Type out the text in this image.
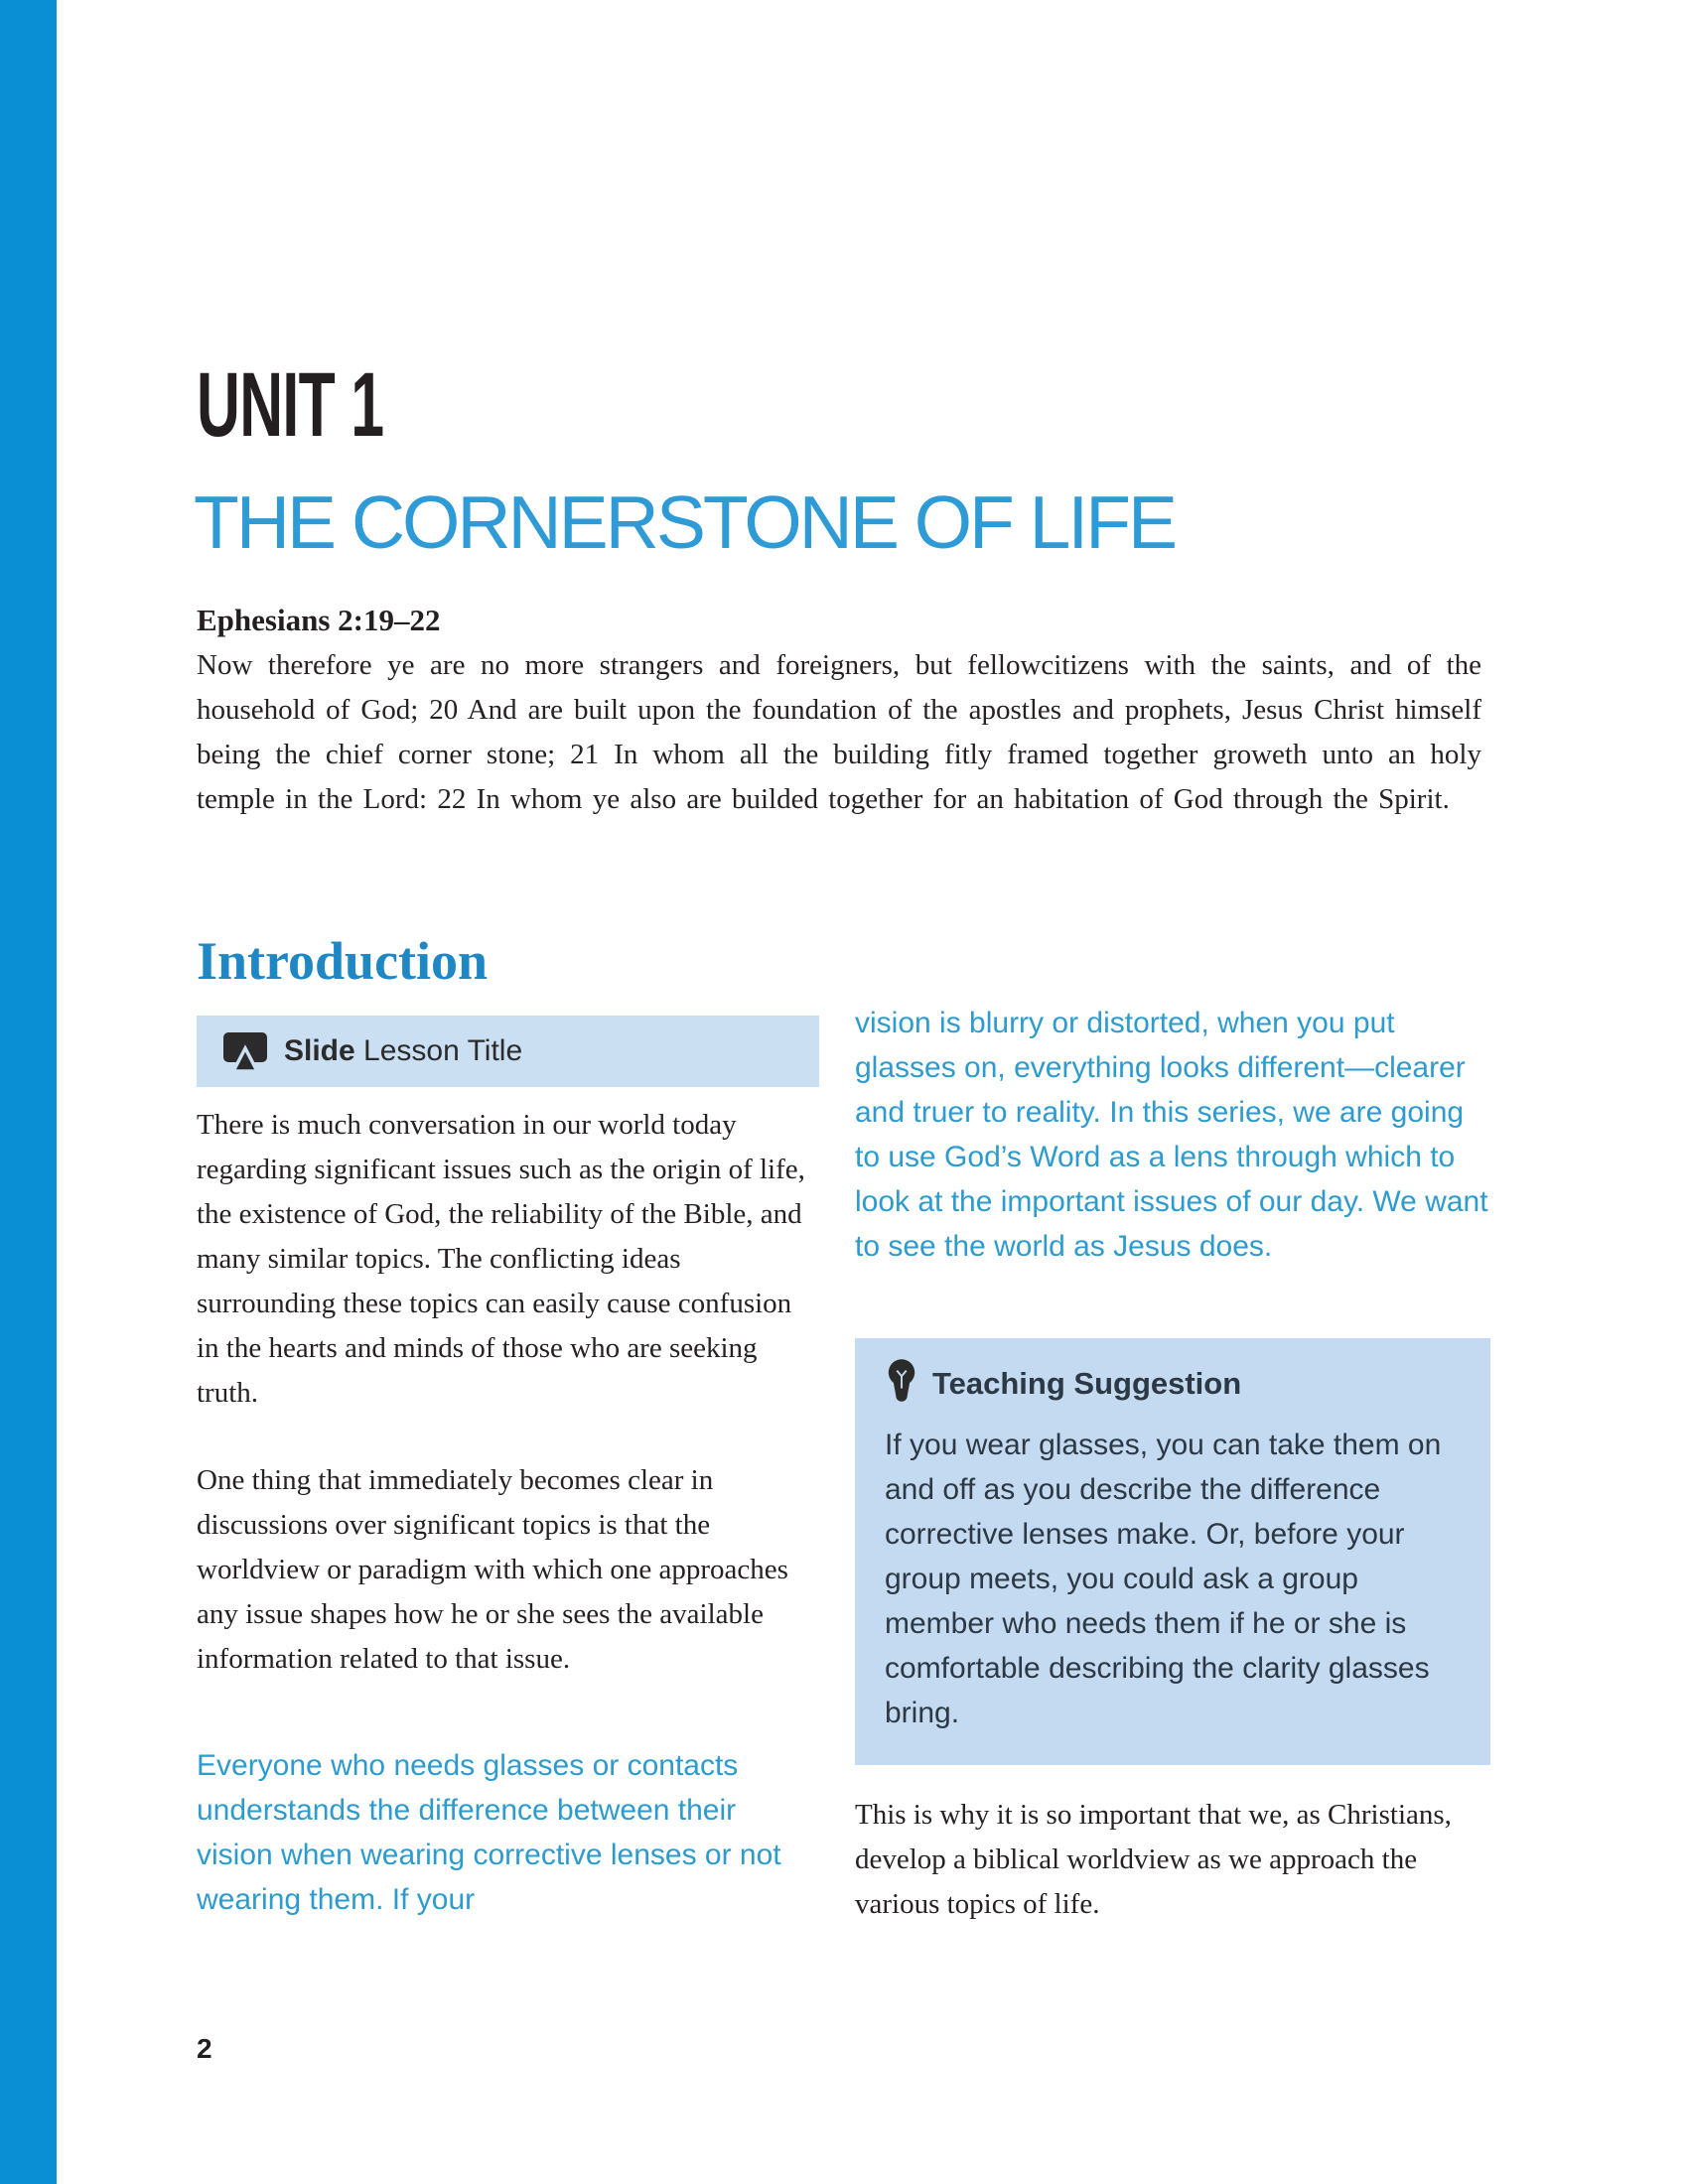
UNIT 1
THE CORNERSTONE OF LIFE
Ephesians 2:19–22
Now therefore ye are no more strangers and foreigners, but fellowcitizens with the saints, and of the household of God; 20 And are built upon the foundation of the apostles and prophets, Jesus Christ himself being the chief corner stone; 21 In whom all the building fitly framed together groweth unto an holy temple in the Lord: 22 In whom ye also are builded together for an habitation of God through the Spirit.
Introduction
Slide Lesson Title

There is much conversation in our world today regarding significant issues such as the origin of life, the existence of God, the reliability of the Bible, and many similar topics. The conflicting ideas surrounding these topics can easily cause confusion in the hearts and minds of those who are seeking truth.

One thing that immediately becomes clear in discussions over significant topics is that the worldview or paradigm with which one approaches any issue shapes how he or she sees the available information related to that issue.

Everyone who needs glasses or contacts understands the difference between their vision when wearing corrective lenses or not wearing them. If your

vision is blurry or distorted, when you put glasses on, everything looks different—clearer and truer to reality. In this series, we are going to use God’s Word as a lens through which to look at the important issues of our day. We want to see the world as Jesus does.

Teaching Suggestion

If you wear glasses, you can take them on and off as you describe the difference corrective lenses make. Or, before your group meets, you could ask a group member who needs them if he or she is comfortable describing the clarity glasses bring.

This is why it is so important that we, as Christians, develop a biblical worldview as we approach the various topics of life.

2
